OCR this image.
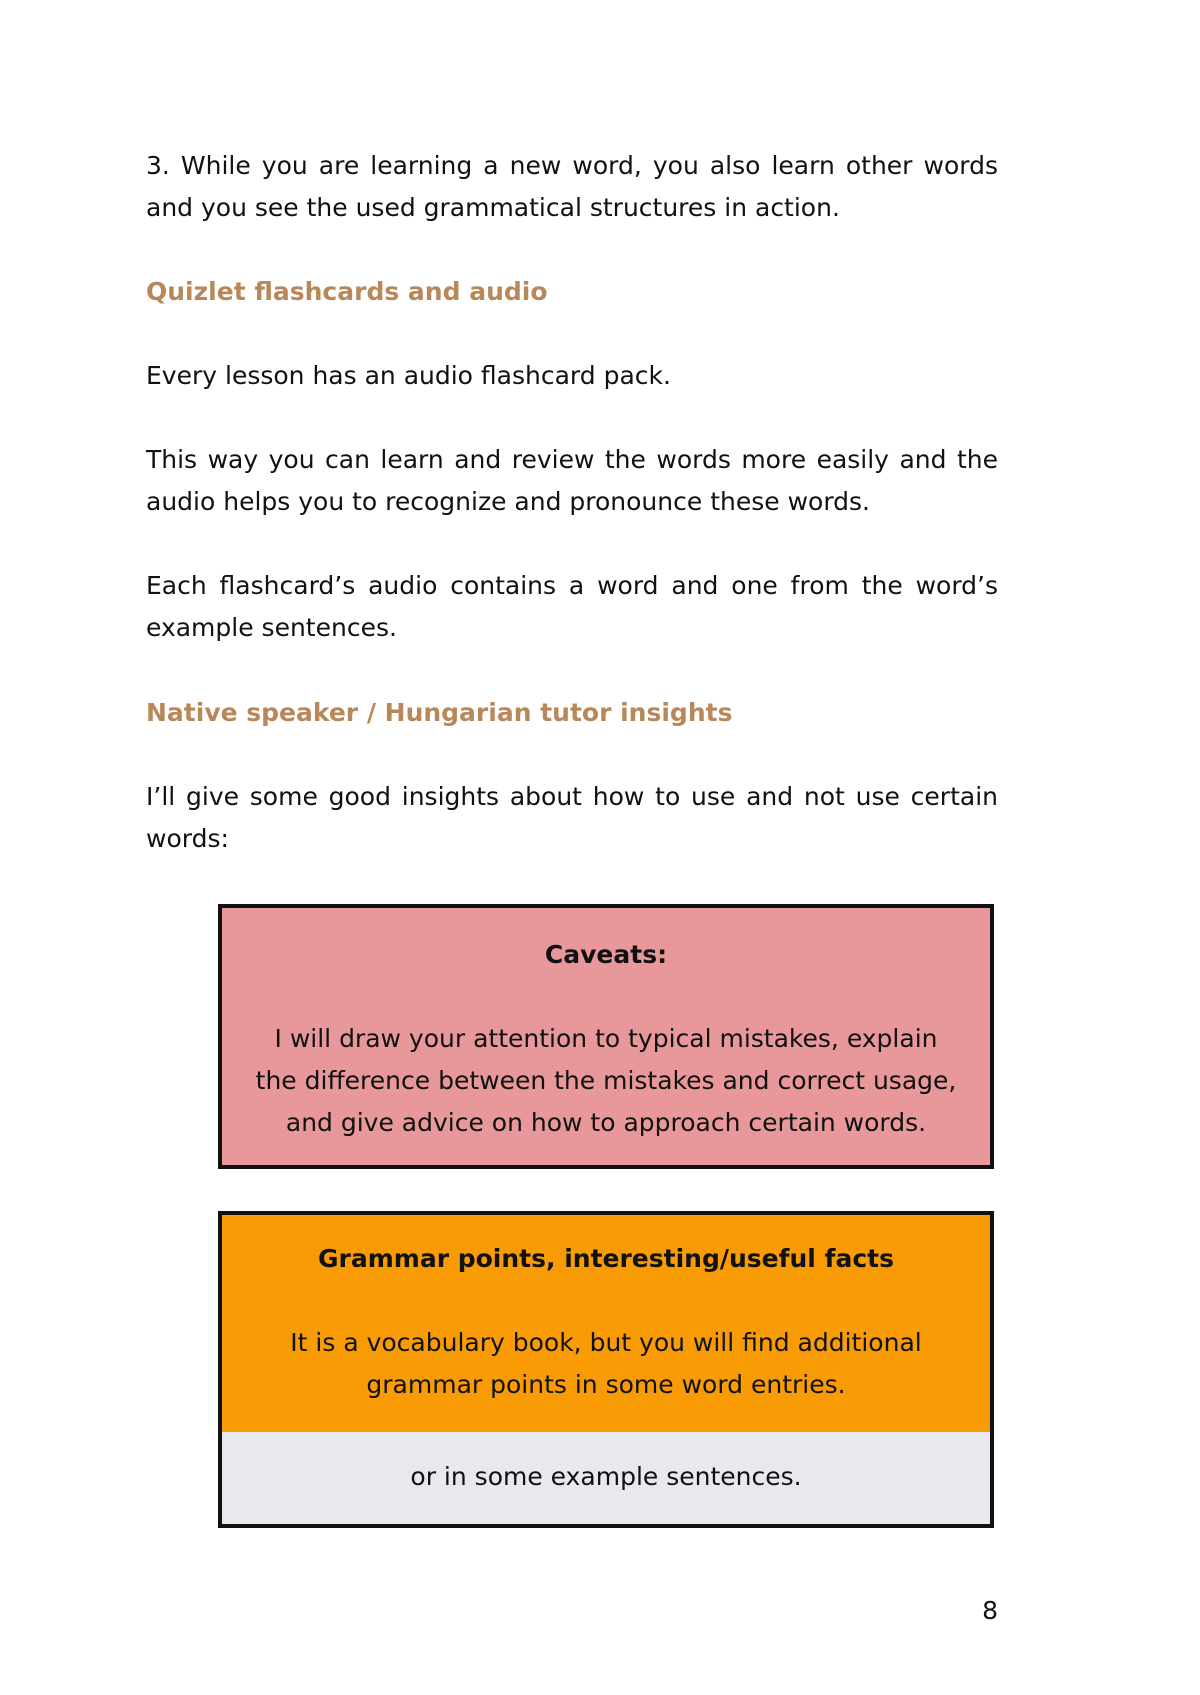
3. While you are learning a new word, you also learn other words and you see the used grammatical structures in action.

Quizlet flashcards and audio

Every lesson has an audio flashcard pack.

This way you can learn and review the words more easily and the audio helps you to recognize and pronounce these words.

Each flashcard’s audio contains a word and one from the word’s example sentences.

Native speaker / Hungarian tutor insights

I’ll give some good insights about how to use and not use certain words:

Caveats:

I will draw your attention to typical mistakes, explain the difference between the mistakes and correct usage, and give advice on how to approach certain words.

Grammar points, interesting/useful facts

It is a vocabulary book, but you will find additional grammar points in some word entries.

or in some example sentences.

8
